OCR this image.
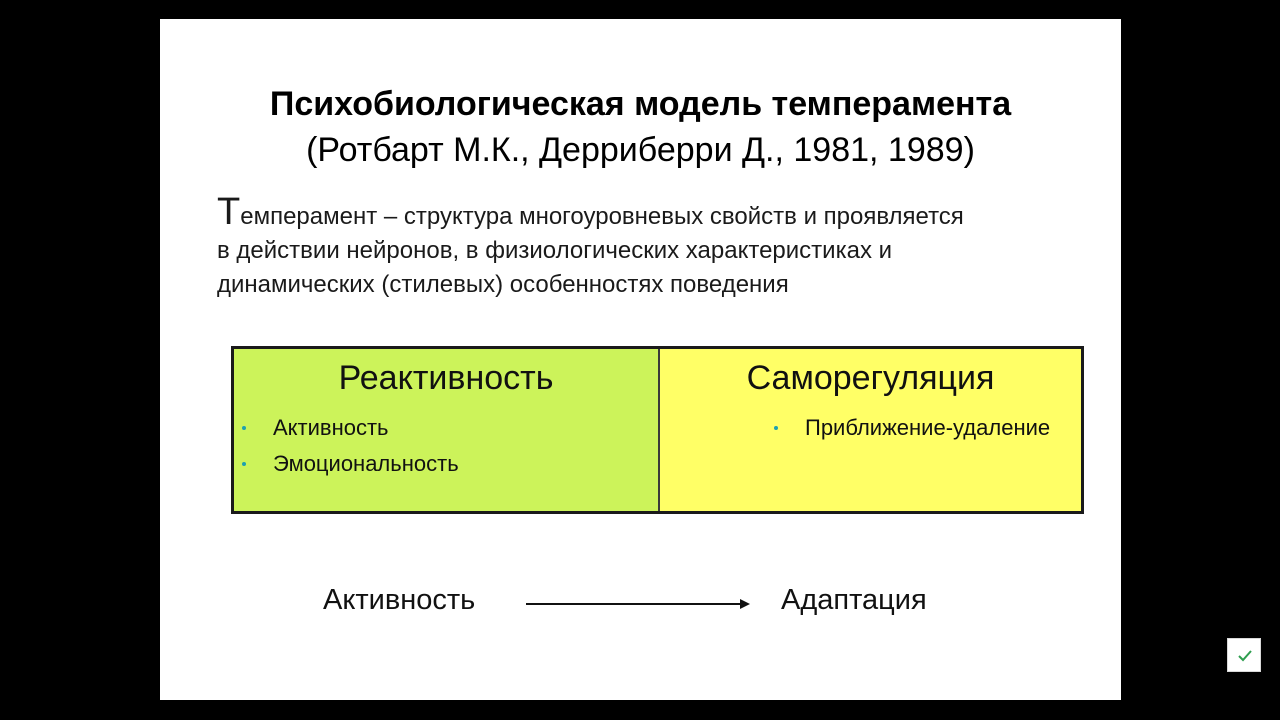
Психобиологическая модель темперамента
(Ротбарт М.К., Дерриберри Д., 1981, 1989)
Темперамент – структура многоуровневых свойств и проявляется
в действии нейронов, в физиологических характеристиках и
динамических (стилевых) особенностях поведения
Реактивность
Активность
Эмоциональность
Саморегуляция
Приближение-удаление
Активность	Адаптация
